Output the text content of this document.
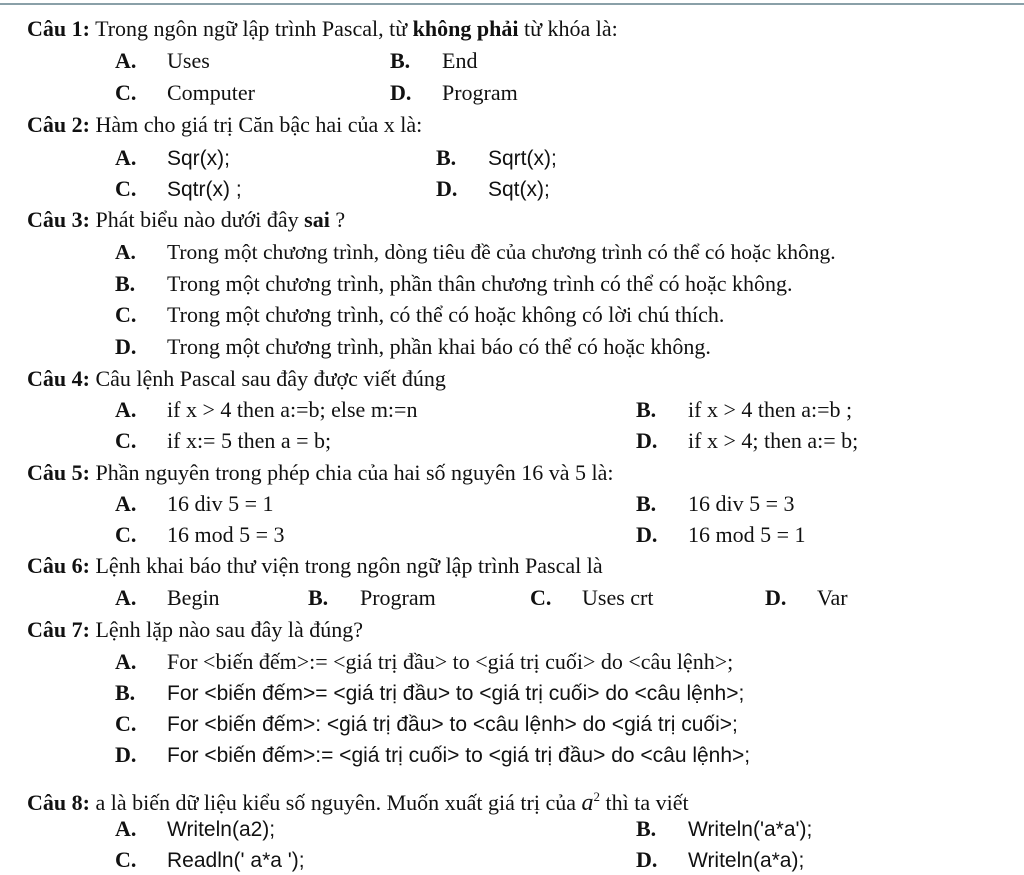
Câu 1: Trong ngôn ngữ lập trình Pascal, từ không phải từ khóa là:
A. Uses	B. End
C. Computer	D. Program
Câu 2: Hàm cho giá trị Căn bậc hai của x là:
A. Sqr(x);	B. Sqrt(x);
C. Sqtr(x) ;	D. Sqt(x);
Câu 3: Phát biểu nào dưới đây sai ?
A. Trong một chương trình, dòng tiêu đề của chương trình có thể có hoặc không.
B. Trong một chương trình, phần thân chương trình có thể có hoặc không.
C. Trong một chương trình, có thể có hoặc không có lời chú thích.
D. Trong một chương trình, phần khai báo có thể có hoặc không.
Câu 4: Câu lệnh Pascal sau đây được viết đúng
A. if x > 4 then a:=b; else m:=n	B. if x > 4 then a:=b ;
C. if x:= 5 then a = b;	D. if x > 4; then a:= b;
Câu 5: Phần nguyên trong phép chia của hai số nguyên 16 và 5 là:
A. 16 div 5 = 1	B. 16 div 5 = 3
C. 16 mod 5 = 3	D. 16 mod 5 = 1
Câu 6: Lệnh khai báo thư viện trong ngôn ngữ lập trình Pascal là
A. Begin	B. Program	C. Uses crt	D. Var
Câu 7: Lệnh lặp nào sau đây là đúng?
A. For <biến đếm>:= <giá trị đầu> to <giá trị cuối> do <câu lệnh>;
B. For <biến đếm>= <giá trị đầu> to <giá trị cuối> do <câu lệnh>;
C. For <biến đếm>: <giá trị đầu> to <câu lệnh> do <giá trị cuối>;
D. For <biến đếm>:= <giá trị cuối> to <giá trị đầu> do <câu lệnh>;
Câu 8: a là biến dữ liệu kiểu số nguyên. Muốn xuất giá trị của $a^2$ thì ta viết
A. Writeln(a2);	B. Writeln('a*a');
C. Readln(' a*a ');	D. Writeln(a*a);
